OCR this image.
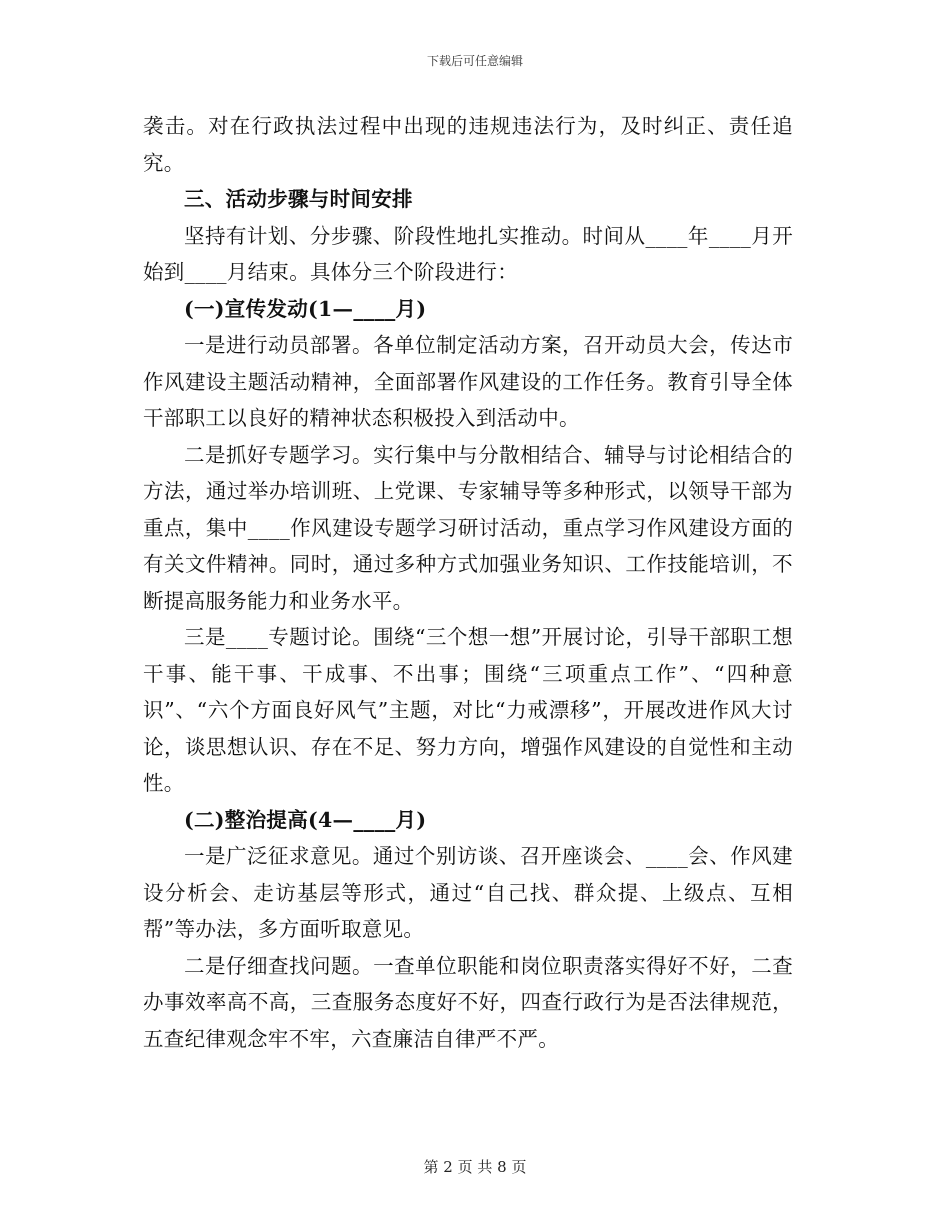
下载后可任意编辑

袭击。对在行政执法过程中出现的违规违法行为，及时纠正、责任追究。

三、活动步骤与时间安排

坚持有计划、分步骤、阶段性地扎实推动。时间从____年____月开始到____月结束。具体分三个阶段进行：

(一)宣传发动(1—____月)

一是进行动员部署。各单位制定活动方案，召开动员大会，传达市作风建设主题活动精神，全面部署作风建设的工作任务。教育引导全体干部职工以良好的精神状态积极投入到活动中。

二是抓好专题学习。实行集中与分散相结合、辅导与讨论相结合的方法，通过举办培训班、上党课、专家辅导等多种形式，以领导干部为重点，集中____作风建设专题学习研讨活动，重点学习作风建设方面的有关文件精神。同时，通过多种方式加强业务知识、工作技能培训，不断提高服务能力和业务水平。

三是____专题讨论。围绕“三个想一想”开展讨论，引导干部职工想干事、能干事、干成事、不出事；围绕“三项重点工作”、“四种意识”、“六个方面良好风气”主题，对比“力戒漂移”，开展改进作风大讨论，谈思想认识、存在不足、努力方向，增强作风建设的自觉性和主动性。

(二)整治提高(4—____月)

一是广泛征求意见。通过个别访谈、召开座谈会、____会、作风建设分析会、走访基层等形式，通过“自己找、群众提、上级点、互相帮”等办法，多方面听取意见。

二是仔细查找问题。一查单位职能和岗位职责落实得好不好，二查办事效率高不高，三查服务态度好不好，四查行政行为是否法律规范，五查纪律观念牢不牢，六查廉洁自律严不严。

第 2 页 共 8 页
